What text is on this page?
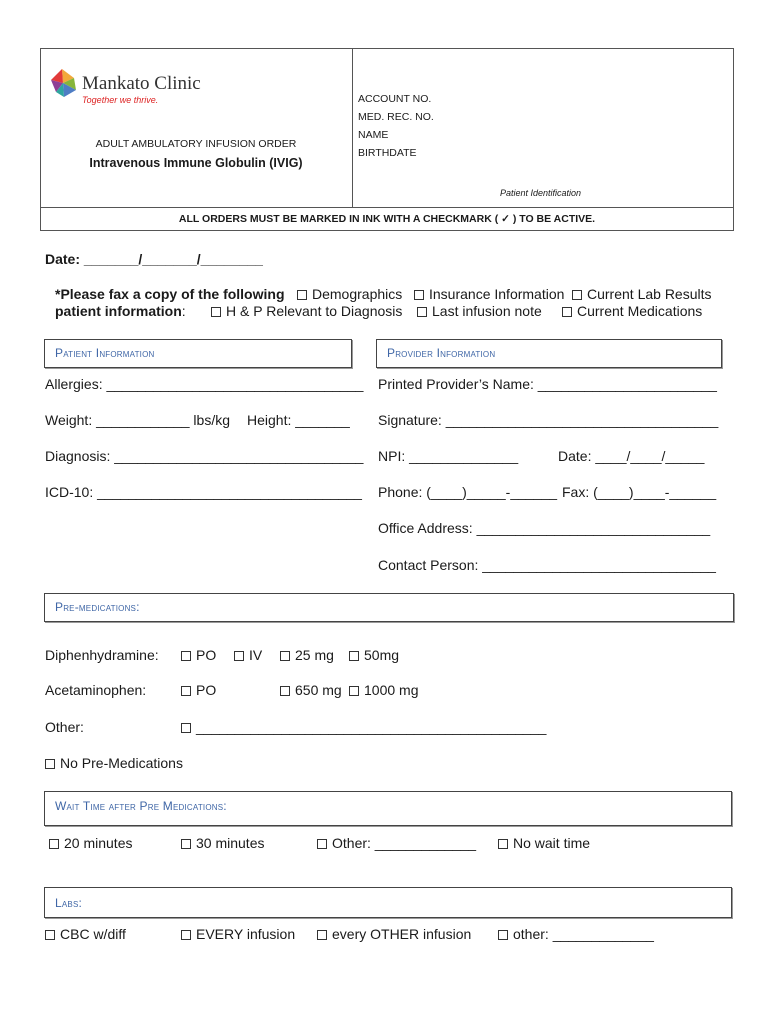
Mankato Clinic
Together we thrive.
ADULT AMBULATORY INFUSION ORDER
Intravenous Immune Globulin (IVIG)
ACCOUNT NO.
MED. REC. NO.
NAME
BIRTHDATE
Patient Identification
ALL ORDERS MUST BE MARKED IN INK WITH A CHECKMARK ( ✓ ) TO BE ACTIVE.
Date: _______/_______/________
*Please fax a copy of the following
patient information:
Demographics	Insurance Information	Current Lab Results
H & P Relevant to Diagnosis	Last infusion note	Current Medications
Patient Information	Provider Information
Allergies: _________________________________
Weight: ____________ lbs/kg Height: _______
Diagnosis: ________________________________
ICD-10: __________________________________
Printed Provider’s Name: _______________________
Signature: ___________________________________
NPI: ______________	Date: ____/____/_____
Phone: (____)_____-______ Fax: (____)____-______
Office Address: ______________________________
Contact Person: ______________________________
Pre-medications:
Diphenhydramine:	PO	IV	25 mg	50mg
Acetaminophen:	PO	650 mg	1000 mg
Other:	_____________________________________________
No Pre-Medications
Wait Time after Pre Medications:
20 minutes	30 minutes	Other: _____________	No wait time
Labs:
CBC w/diff	EVERY infusion	every OTHER infusion	other: _____________
